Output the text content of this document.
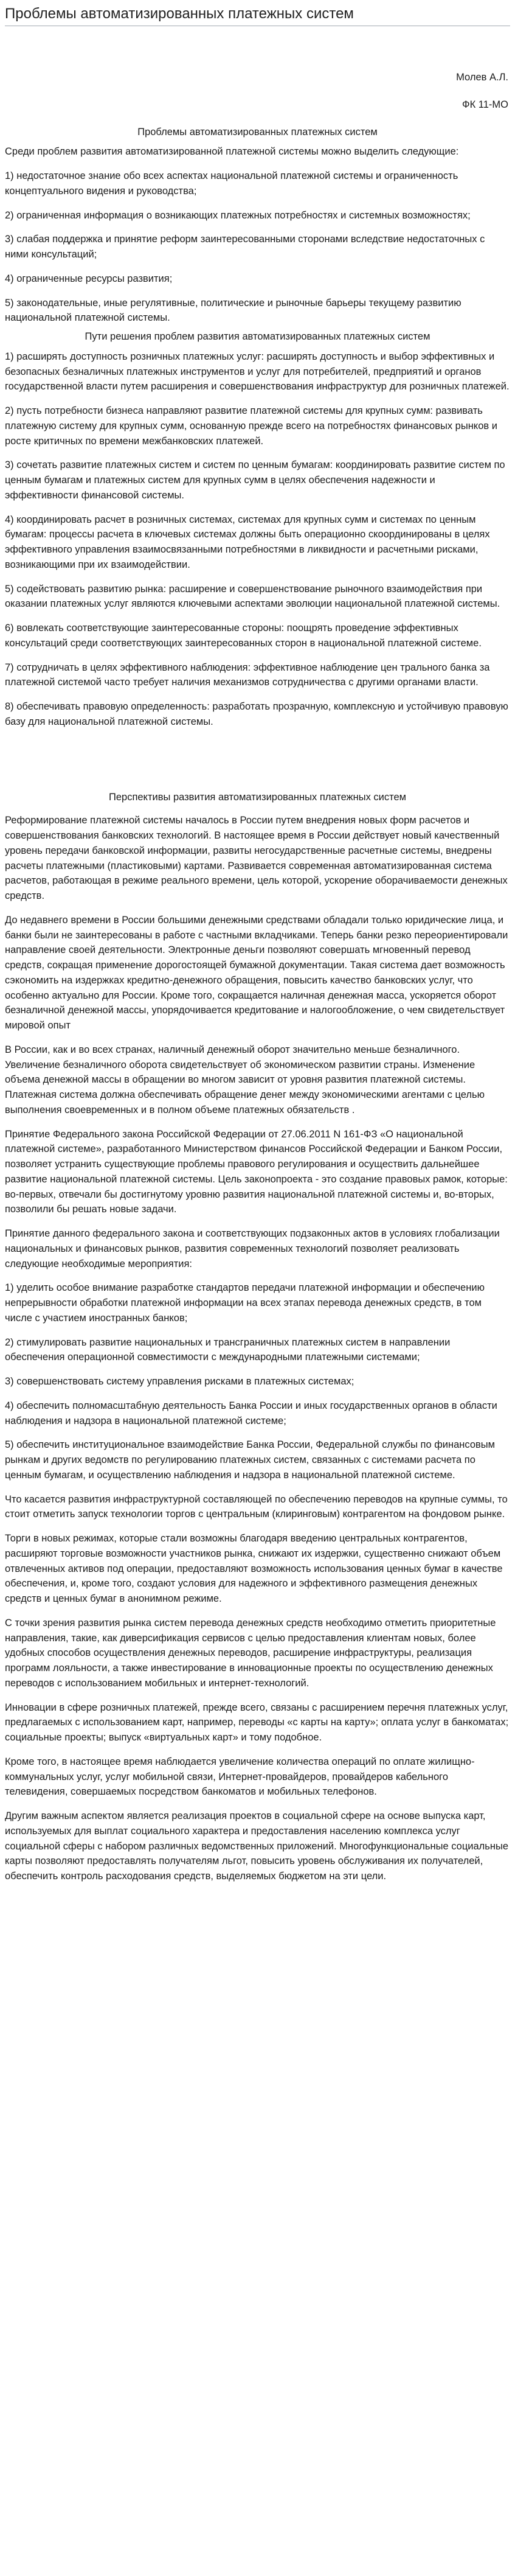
Проблемы автоматизированных платежных систем

Молев А.Л.

ФК 11-МО

Проблемы автоматизированных платежных систем

Среди проблем развития автоматизированной платежной системы можно выделить следующие:

1) недостаточное знание обо всех аспектах национальной платежной системы и ограниченность концептуального видения и руководства;

2) ограниченная информация о возникающих платежных потребностях и системных возможностях;

3) слабая поддержка и принятие реформ заинтересованными сторонами вследствие недостаточных с ними консультаций;

4) ограниченные ресурсы развития;

5) законодательные, иные регулятивные, политические и рыночные барьеры текущему развитию национальной платежной системы.

Пути решения проблем развития автоматизированных платежных систем

1) расширять доступность розничных платежных услуг: расширять доступность и выбор эффективных и безопасных безналичных платежных инструментов и услуг для потребителей, предприятий и органов государственной власти путем расширения и совершенствования инфраструктур для розничных платежей.

2) пусть потребности бизнеса направляют развитие платежной системы для крупных сумм: развивать платежную систему для крупных сумм, основанную прежде всего на потребностях финансовых рынков и росте критичных по времени межбанковских платежей.

3) сочетать развитие платежных систем и систем по ценным бумагам: координировать развитие систем по ценным бумагам и платежных систем для крупных сумм в целях обеспечения надежности и эффективности финансовой системы.

4) координировать расчет в розничных системах, системах для крупных сумм и системах по ценным бумагам: процессы расчета в ключевых системах должны быть операционно скоординированы в целях эффективного управления взаимосвязанными потребностями в ликвидности и расчетными рисками, возникающими при их взаимодействии.

5) содействовать развитию рынка: расширение и совершенствование рыночного взаимодействия при оказании платежных услуг являются ключевыми аспектами эволюции национальной платежной системы.

6) вовлекать соответствующие заинтересованные стороны: поощрять проведение эффективных консультаций среди соответствующих заинтересованных сторон в национальной платежной системе.

7) сотрудничать в целях эффективного наблюдения: эффективное наблюдение цен трального банка за платежной системой часто требует наличия механизмов сотрудничества с другими органами власти.

8) обеспечивать правовую определенность: разработать прозрачную, комплексную и устойчивую правовую базу для национальной платежной системы.

Перспективы развития автоматизированных платежных систем

Реформирование платежной системы началось в России путем внедрения новых форм расчетов и совершенствования банковских технологий. В настоящее время в России действует новый качественный уровень передачи банковской информации, развиты негосударственные расчетные системы, внедрены расчеты платежными (пластиковыми) картами. Развивается современная автоматизированная система расчетов, работающая в режиме реального времени, цель которой, ускорение оборачиваемости денежных средств.

До недавнего времени в России большими денежными средствами обладали только юридические лица, и банки были не заинтересованы в работе с частными вкладчиками. Теперь банки резко переориентировали направление своей деятельности. Электронные деньги позволяют совершать мгновенный перевод средств, сокращая применение дорогостоящей бумажной документации. Такая система дает возможность сэкономить на издержках кредитно-денежного обращения, повысить качество банковских услуг, что особенно актуально для России. Кроме того, сокращается наличная денежная масса, ускоряется оборот безналичной денежной массы, упорядочивается кредитование и налогообложение, о чем свидетельствует мировой опыт

В России, как и во всех странах, наличный денежный оборот значительно меньше безналичного. Увеличение безналичного оборота свидетельствует об экономическом развитии страны. Изменение объема денежной массы в обращении во многом зависит от уровня развития платежной системы. Платежная система должна обеспечивать обращение денег между экономическими агентами с целью выполнения своевременных и в полном объеме платежных обязательств .

Принятие Федерального закона Российской Федерации от 27.06.2011 N 161-ФЗ «О национальной платежной системе», разработанного Министерством финансов Российской Федерации и Банком России, позволяет устранить существующие проблемы правового регулирования и осуществить дальнейшее развитие национальной платежной системы. Цель законопроекта - это создание правовых рамок, которые: во-первых, отвечали бы достигнутому уровню развития национальной платежной системы и, во-вторых, позволили бы решать новые задачи.

Принятие данного федерального закона и соответствующих подзаконных актов в условиях глобализации национальных и финансовых рынков, развития современных технологий позволяет реализовать следующие необходимые мероприятия:

1) уделить особое внимание разработке стандартов передачи платежной информации и обеспечению непрерывности обработки платежной информации на всех этапах перевода денежных средств, в том числе с участием иностранных банков;

2) стимулировать развитие национальных и трансграничных платежных систем в направлении обеспечения операционной совместимости с международными платежными системами;

3) совершенствовать систему управления рисками в платежных системах;

4) обеспечить полномасштабную деятельность Банка России и иных государственных органов в области наблюдения и надзора в национальной платежной системе;

5) обеспечить институциональное взаимодействие Банка России, Федеральной службы по финансовым рынкам и других ведомств по регулированию платежных систем, связанных с системами расчета по ценным бумагам, и осуществлению наблюдения и надзора в национальной платежной системе.

Что касается развития инфраструктурной составляющей по обеспечению переводов на крупные суммы, то стоит отметить запуск технологии торгов с центральным (клиринговым) контрагентом на фондовом рынке.

Торги в новых режимах, которые стали возможны благодаря введению центральных контрагентов, расширяют торговые возможности участников рынка, снижают их издержки, существенно снижают объем отвлеченных активов под операции, предоставляют возможность использования ценных бумаг в качестве обеспечения, и, кроме того, создают условия для надежного и эффективного размещения денежных средств и ценных бумаг в анонимном режиме.

С точки зрения развития рынка систем перевода денежных средств необходимо отметить приоритетные направления, такие, как диверсификация сервисов с целью предоставления клиентам новых, более удобных способов осуществления денежных переводов, расширение инфраструктуры, реализация программ лояльности, а также инвестирование в инновационные проекты по осуществлению денежных переводов с использованием мобильных и интернет-технологий.

Инновации в сфере розничных платежей, прежде всего, связаны с расширением перечня платежных услуг, предлагаемых с использованием карт, например, переводы «с карты на карту»; оплата услуг в банкоматах; социальные проекты; выпуск «виртуальных карт» и тому подобное.

Кроме того, в настоящее время наблюдается увеличение количества операций по оплате жилищно-коммунальных услуг, услуг мобильной связи, Интернет-провайдеров, провайдеров кабельного телевидения, совершаемых посредством банкоматов и мобильных телефонов.

Другим важным аспектом является реализация проектов в социальной сфере на основе выпуска карт, используемых для выплат социального характера и предоставления населению комплекса услуг социальной сферы с набором различных ведомственных приложений. Многофункциональные социальные карты позволяют предоставлять получателям льгот, повысить уровень обслуживания их получателей, обеспечить контроль расходования средств, выделяемых бюджетом на эти цели.
